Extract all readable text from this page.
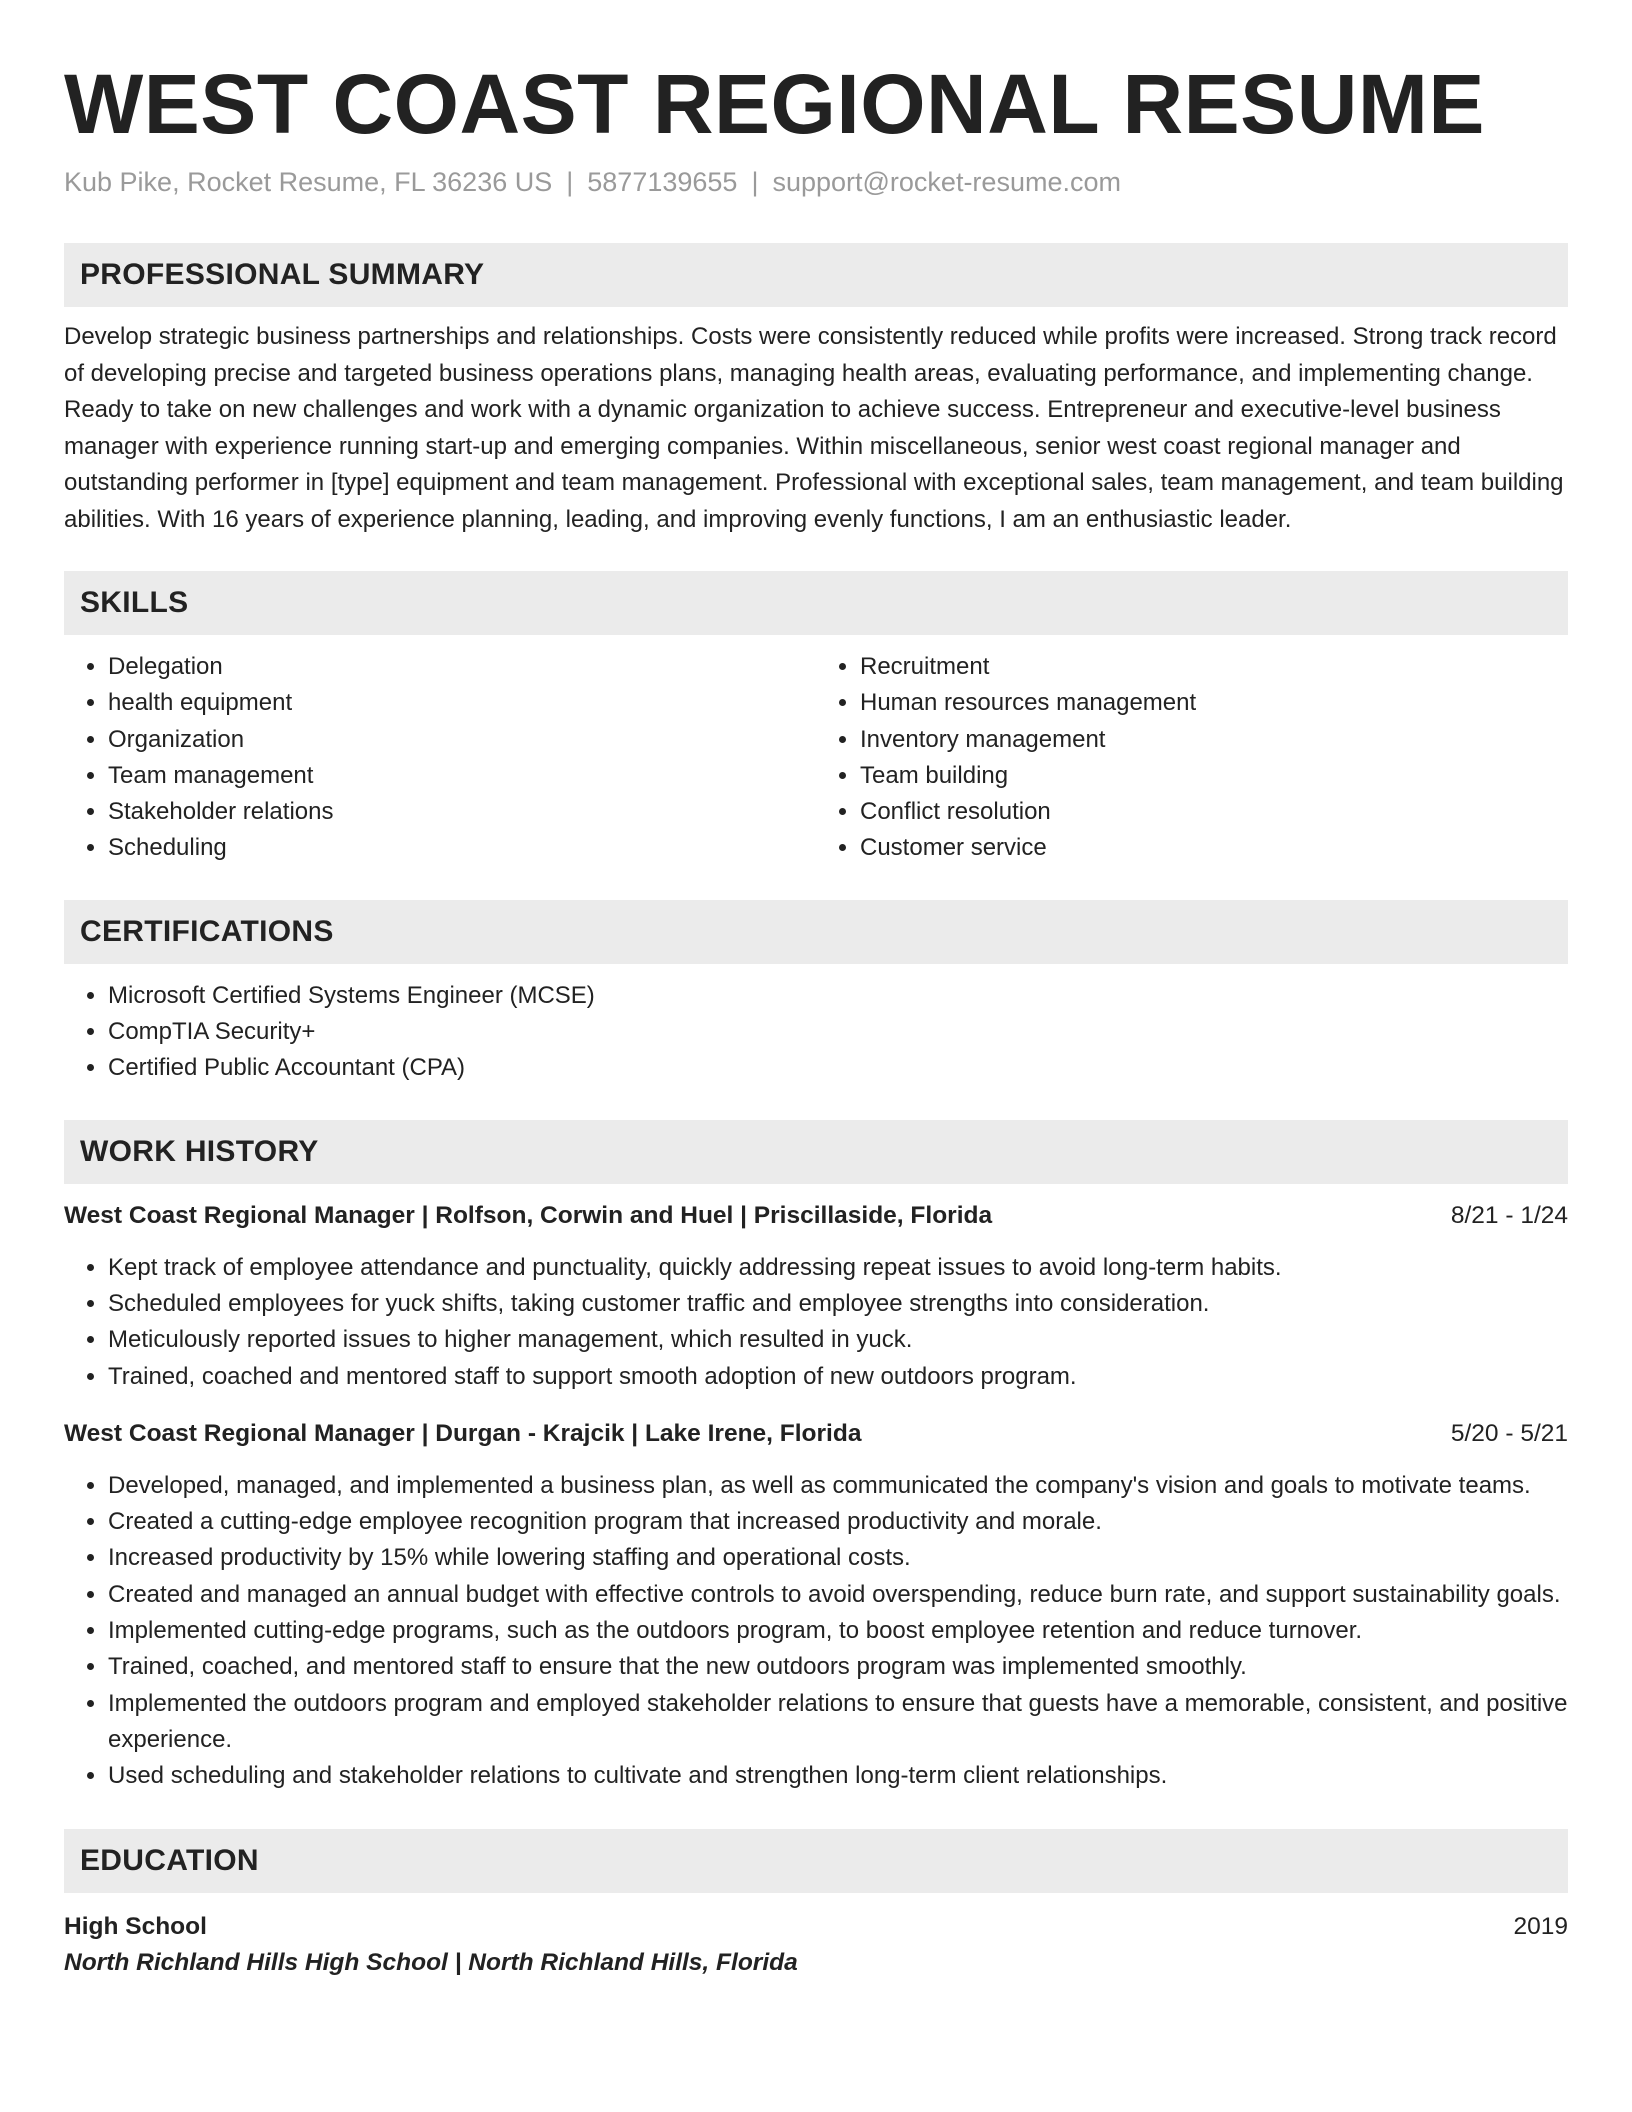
WEST COAST REGIONAL RESUME
Kub Pike, Rocket Resume, FL 36236 US | 5877139655 | support@rocket-resume.com
PROFESSIONAL SUMMARY
Develop strategic business partnerships and relationships. Costs were consistently reduced while profits were increased. Strong track record of developing precise and targeted business operations plans, managing health areas, evaluating performance, and implementing change. Ready to take on new challenges and work with a dynamic organization to achieve success. Entrepreneur and executive-level business manager with experience running start-up and emerging companies. Within miscellaneous, senior west coast regional manager and outstanding performer in [type] equipment and team management. Professional with exceptional sales, team management, and team building abilities. With 16 years of experience planning, leading, and improving evenly functions, I am an enthusiastic leader.
SKILLS
• Delegation
• health equipment
• Organization
• Team management
• Stakeholder relations
• Scheduling
• Recruitment
• Human resources management
• Inventory management
• Team building
• Conflict resolution
• Customer service
CERTIFICATIONS
• Microsoft Certified Systems Engineer (MCSE)
• CompTIA Security+
• Certified Public Accountant (CPA)
WORK HISTORY
West Coast Regional Manager | Rolfson, Corwin and Huel | Priscillaside, Florida	8/21 - 1/24
• Kept track of employee attendance and punctuality, quickly addressing repeat issues to avoid long-term habits.
• Scheduled employees for yuck shifts, taking customer traffic and employee strengths into consideration.
• Meticulously reported issues to higher management, which resulted in yuck.
• Trained, coached and mentored staff to support smooth adoption of new outdoors program.
West Coast Regional Manager | Durgan - Krajcik | Lake Irene, Florida	5/20 - 5/21
• Developed, managed, and implemented a business plan, as well as communicated the company's vision and goals to motivate teams.
• Created a cutting-edge employee recognition program that increased productivity and morale.
• Increased productivity by 15% while lowering staffing and operational costs.
• Created and managed an annual budget with effective controls to avoid overspending, reduce burn rate, and support sustainability goals.
• Implemented cutting-edge programs, such as the outdoors program, to boost employee retention and reduce turnover.
• Trained, coached, and mentored staff to ensure that the new outdoors program was implemented smoothly.
• Implemented the outdoors program and employed stakeholder relations to ensure that guests have a memorable, consistent, and positive experience.
• Used scheduling and stakeholder relations to cultivate and strengthen long-term client relationships.
EDUCATION
High School	2019
North Richland Hills High School | North Richland Hills, Florida
